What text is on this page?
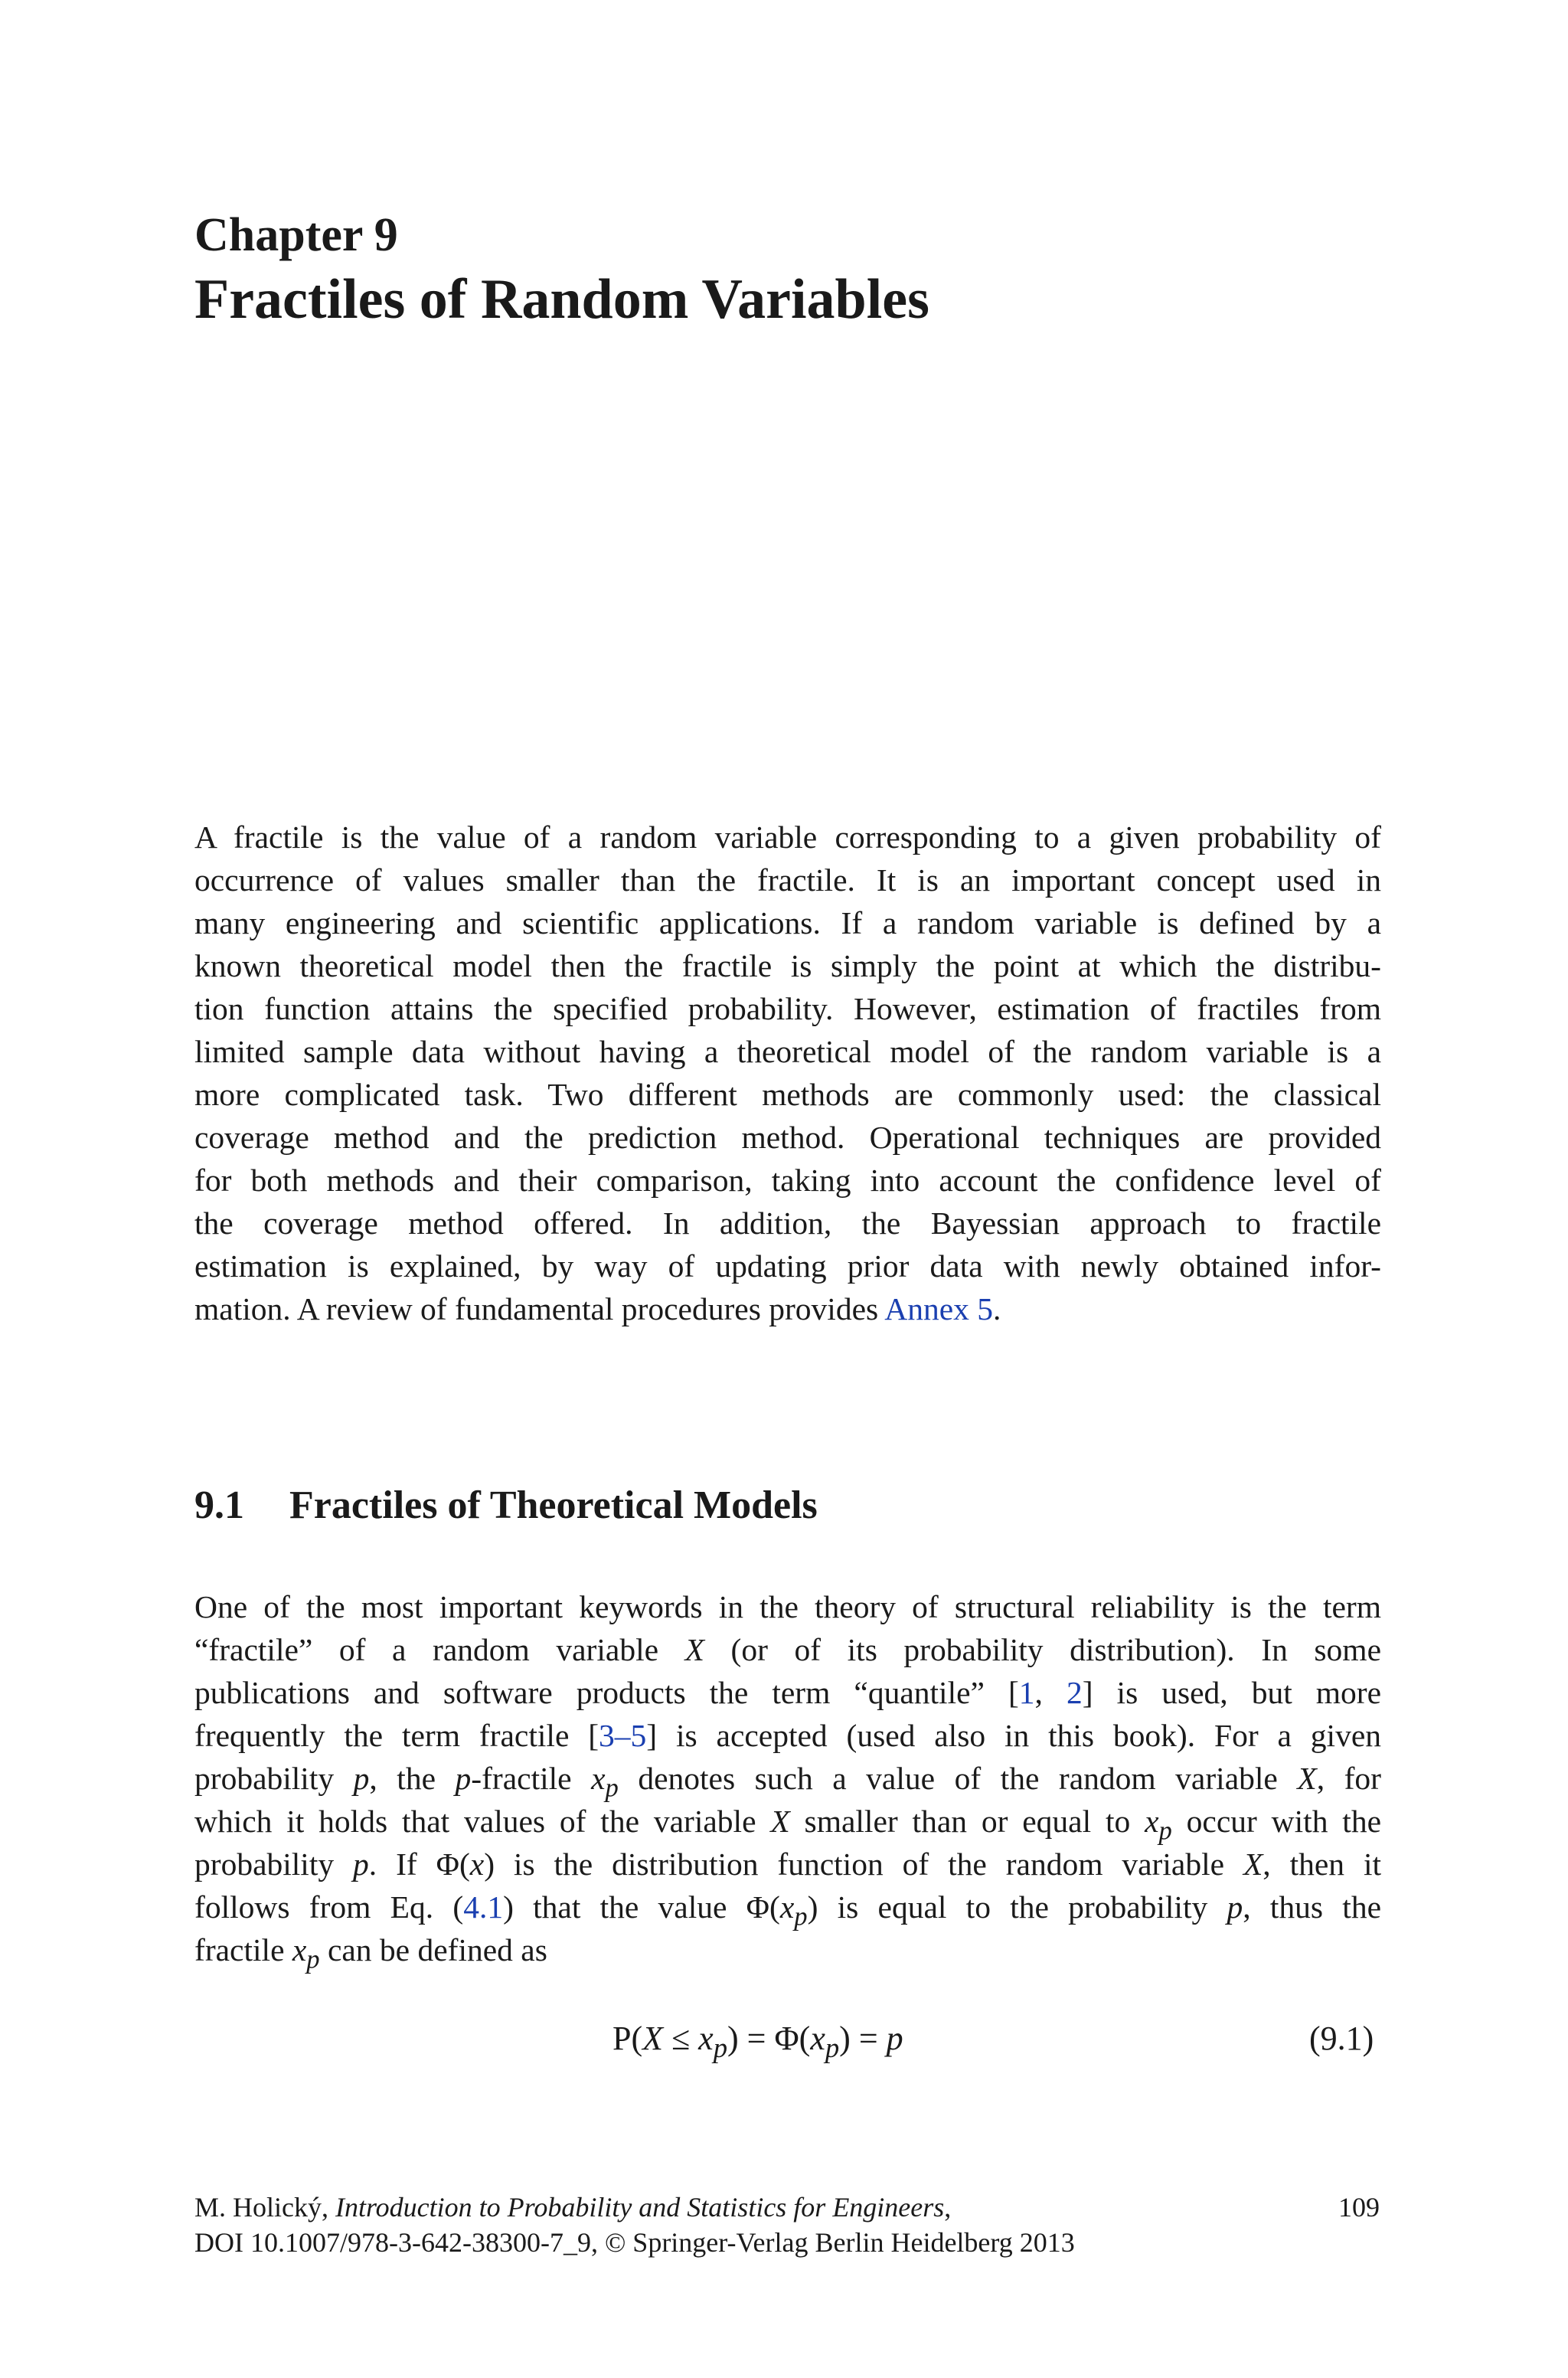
Chapter 9
Fractiles of Random Variables
A fractile is the value of a random variable corresponding to a given probability of
occurrence of values smaller than the fractile. It is an important concept used in
many engineering and scientific applications. If a random variable is defined by a
known theoretical model then the fractile is simply the point at which the distribu-
tion function attains the specified probability. However, estimation of fractiles from
limited sample data without having a theoretical model of the random variable is a
more complicated task. Two different methods are commonly used: the classical
coverage method and the prediction method. Operational techniques are provided
for both methods and their comparison, taking into account the confidence level of
the coverage method offered. In addition, the Bayessian approach to fractile
estimation is explained, by way of updating prior data with newly obtained infor-
mation. A review of fundamental procedures provides Annex 5.
9.1 Fractiles of Theoretical Models
One of the most important keywords in the theory of structural reliability is the term
“fractile” of a random variable X (or of its probability distribution). In some
publications and software products the term “quantile” [1, 2] is used, but more
frequently the term fractile [3–5] is accepted (used also in this book). For a given
probability p, the p-fractile $x_p$ denotes such a value of the random variable X, for
which it holds that values of the variable X smaller than or equal to $x_p$ occur with the
probability p. If Φ(x) is the distribution function of the random variable X, then it
follows from Eq. (4.1) that the value $\Phi(x_p)$ is equal to the probability p, thus the
fractile $x_p$ can be defined as
$P(X \le x_p) = \Phi(x_p) = p$	(9.1)
M. Holický, Introduction to Probability and Statistics for Engineers,
DOI 10.1007/978-3-642-38300-7_9, © Springer-Verlag Berlin Heidelberg 2013
109
